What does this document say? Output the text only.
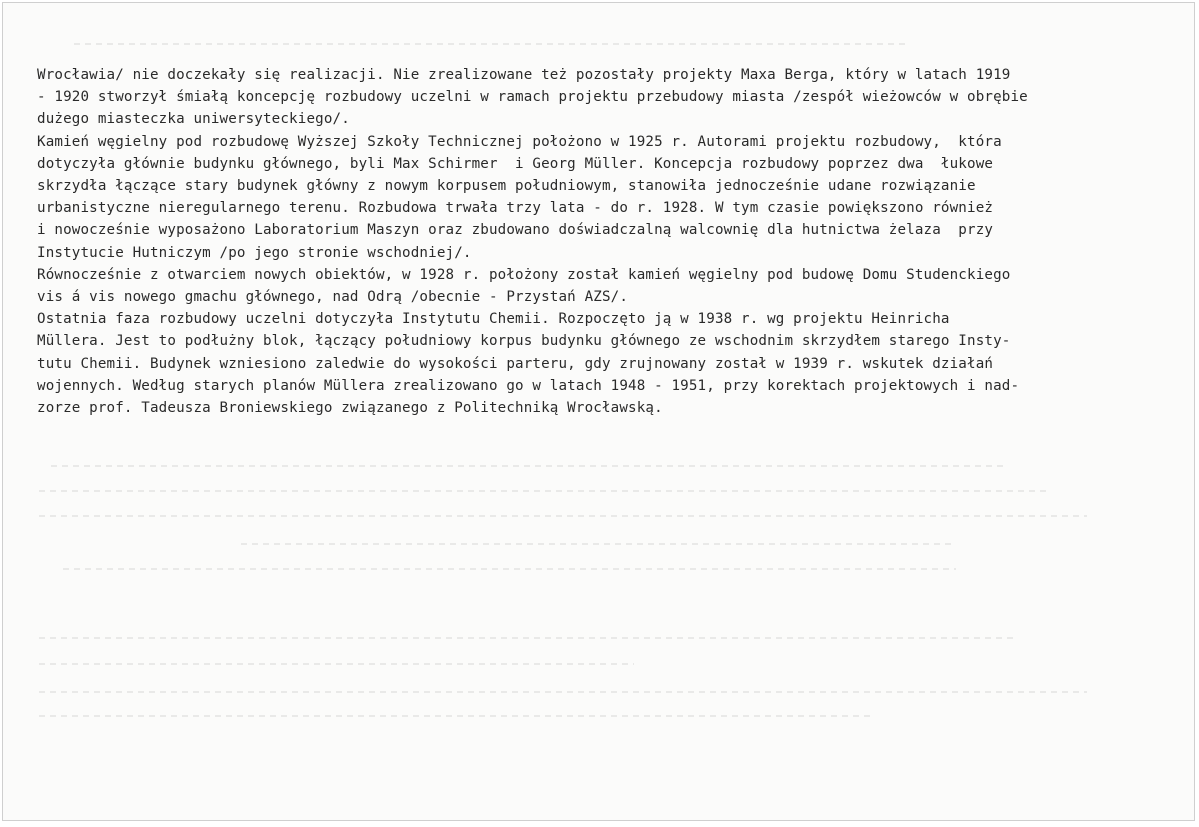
Wrocławia/ nie doczekały się realizacji. Nie zrealizowane też pozostały projekty Maxa Berga, który w latach 1919
- 1920 stworzył śmiałą koncepcję rozbudowy uczelni w ramach projektu przebudowy miasta /zespół wieżowców w obrębie
dużego miasteczka uniwersyteckiego/.
Kamień węgielny pod rozbudowę Wyższej Szkoły Technicznej położono w 1925 r. Autorami projektu rozbudowy,  która
dotyczyła głównie budynku głównego, byli Max Schirmer  i Georg Müller. Koncepcja rozbudowy poprzez dwa  łukowe
skrzydła łączące stary budynek główny z nowym korpusem południowym, stanowiła jednocześnie udane rozwiązanie
urbanistyczne nieregularnego terenu. Rozbudowa trwała trzy lata - do r. 1928. W tym czasie powiększono również
i nowocześnie wyposażono Laboratorium Maszyn oraz zbudowano doświadczalną walcownię dla hutnictwa żelaza  przy
Instytucie Hutniczym /po jego stronie wschodniej/.
Równocześnie z otwarciem nowych obiektów, w 1928 r. położony został kamień węgielny pod budowę Domu Studenckiego
vis á vis nowego gmachu głównego, nad Odrą /obecnie - Przystań AZS/.
Ostatnia faza rozbudowy uczelni dotyczyła Instytutu Chemii. Rozpoczęto ją w 1938 r. wg projektu Heinricha
Müllera. Jest to podłużny blok, łączący południowy korpus budynku głównego ze wschodnim skrzydłem starego Insty-
tutu Chemii. Budynek wzniesiono zaledwie do wysokości parteru, gdy zrujnowany został w 1939 r. wskutek działań
wojennych. Według starych planów Müllera zrealizowano go w latach 1948 - 1951, przy korektach projektowych i nad-
zorze prof. Tadeusza Broniewskiego związanego z Politechniką Wrocławską.
